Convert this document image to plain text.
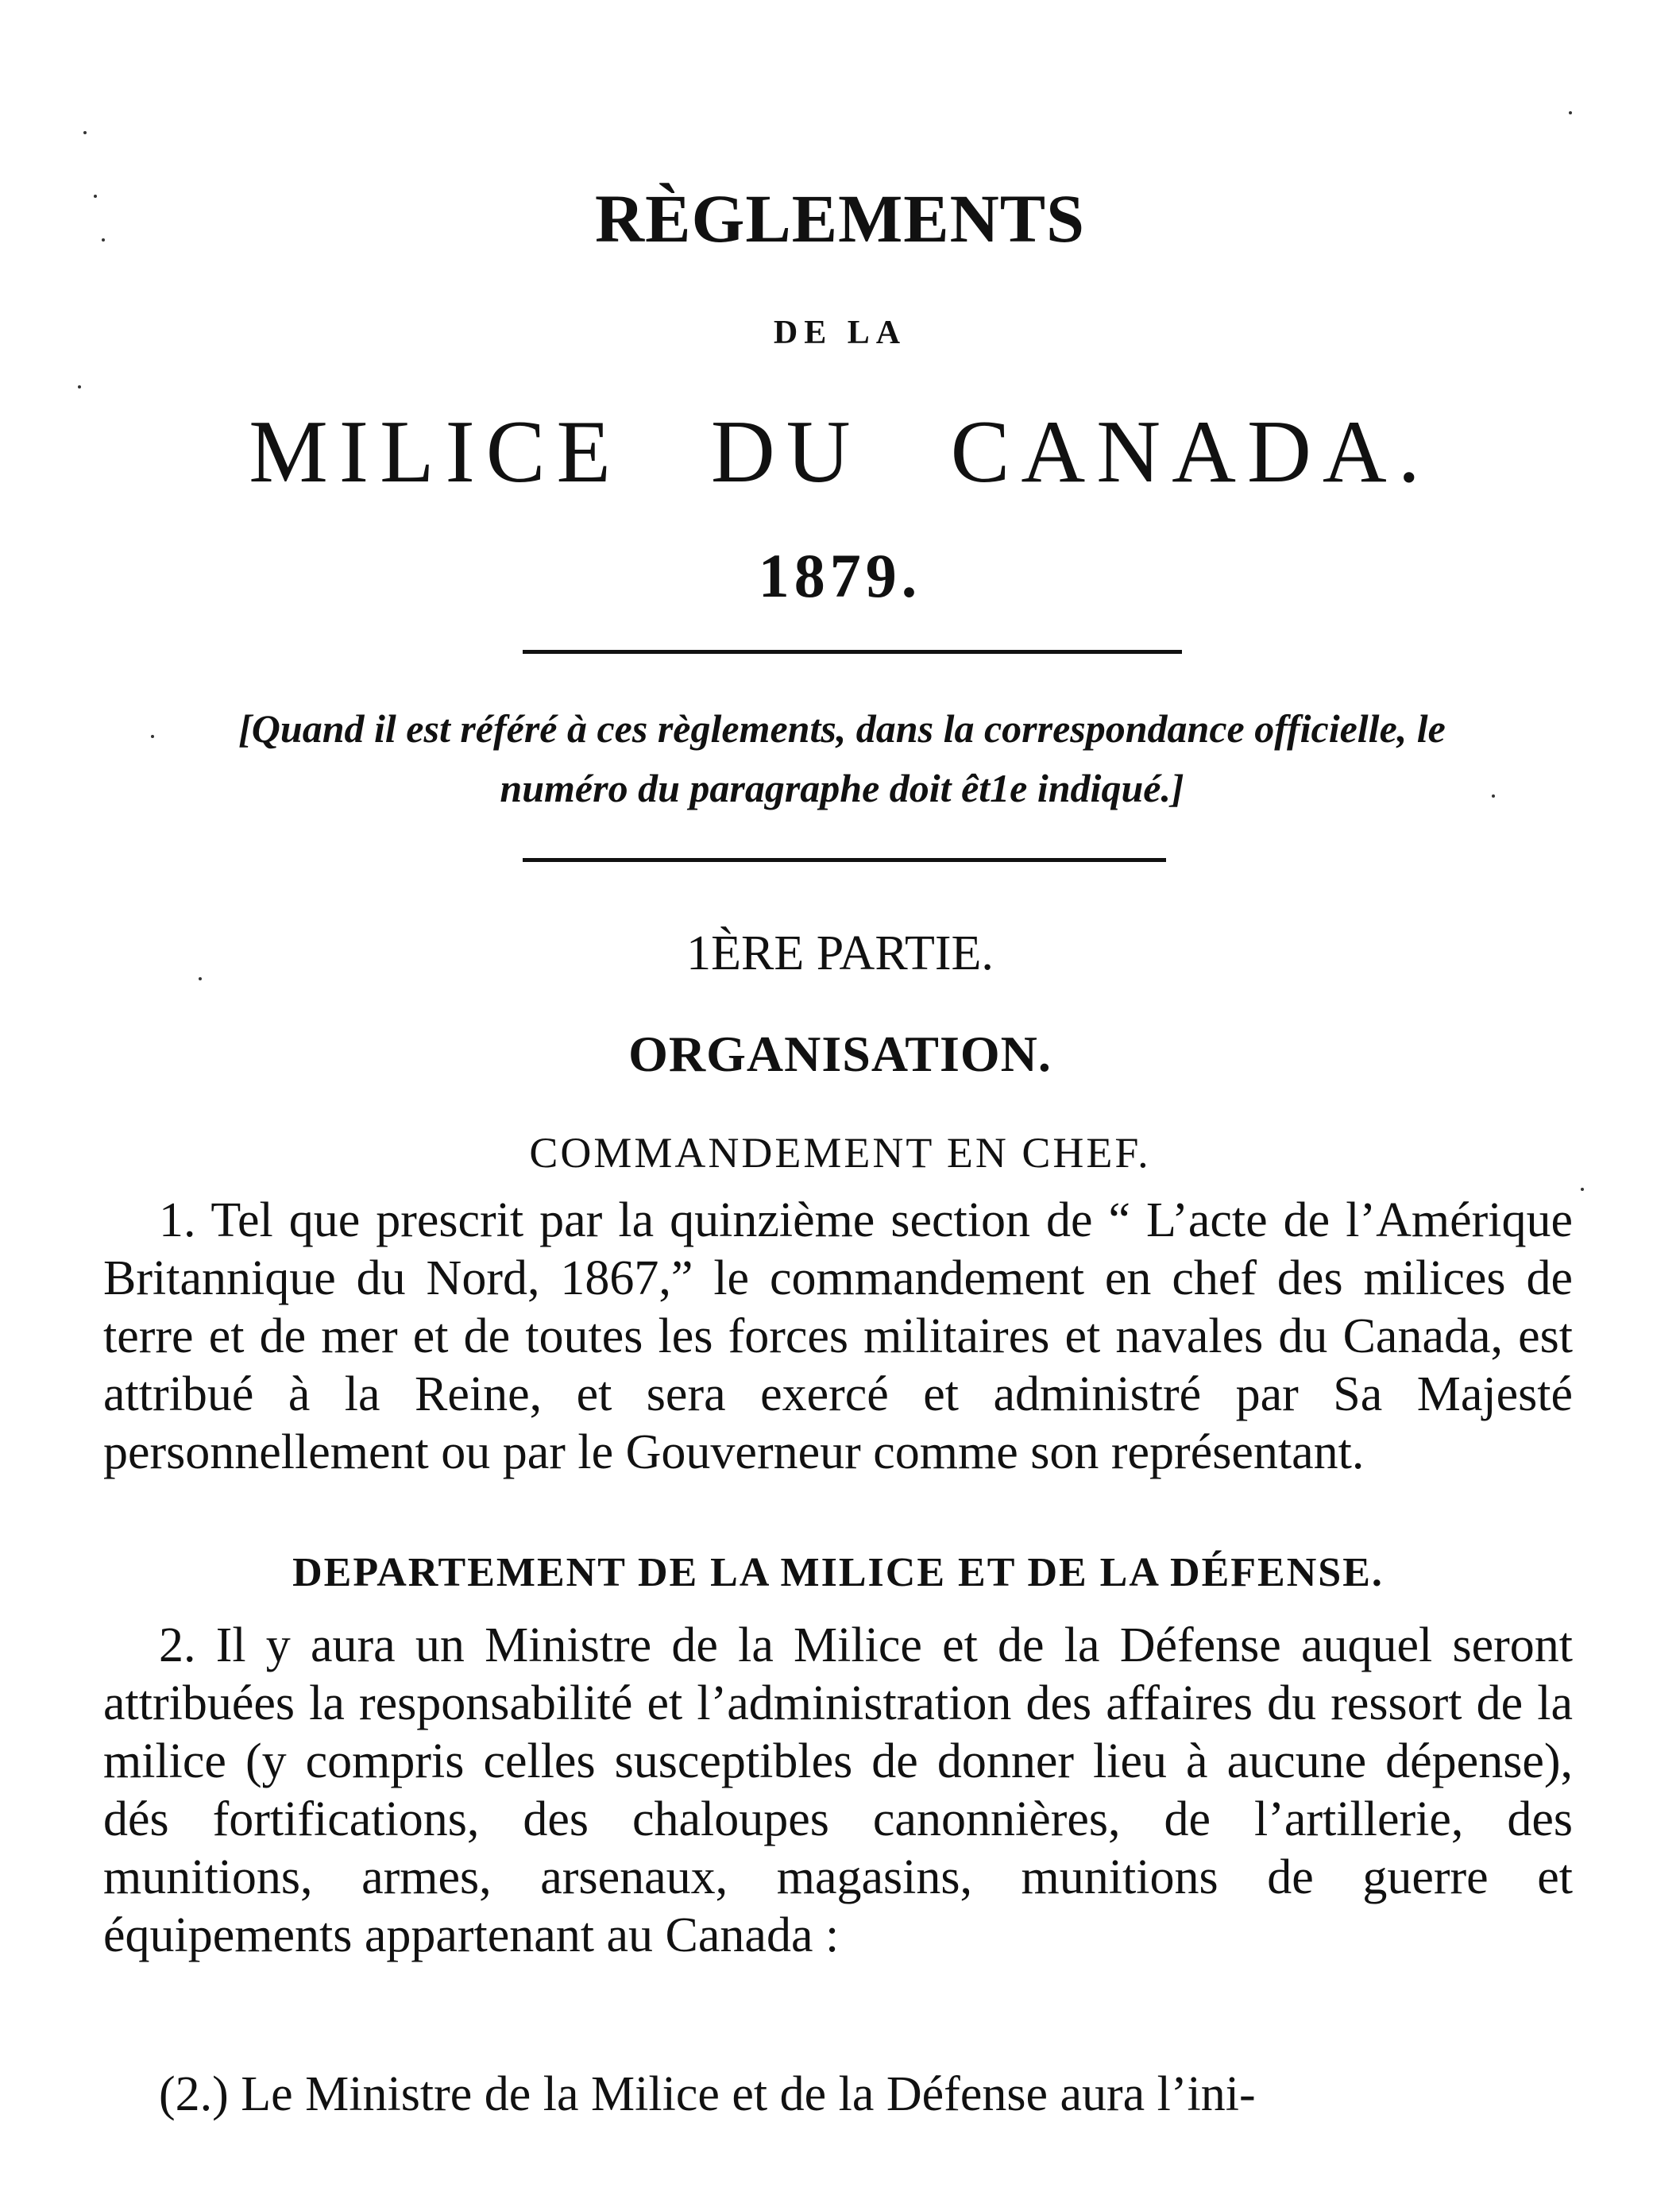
RÈGLEMENTS
DE LA
MILICE DU CANADA.
1879.
[Quand il est référé à ces règlements, dans la correspondance officielle, le numéro du paragraphe doit êt1e indiqué.]
1ÈRE PARTIE.
ORGANISATION.
COMMANDEMENT EN CHEF.
1. Tel que prescrit par la quinzième section de “ L’acte de l’Amérique Britannique du Nord, 1867,” le commandement en chef des milices de terre et de mer et de toutes les forces militaires et navales du Canada, est attribué à la Reine, et sera exercé et administré par Sa Majesté personnellement ou par le Gouverneur comme son représentant.
DEPARTEMENT DE LA MILICE ET DE LA DÉFENSE.
2. Il y aura un Ministre de la Milice et de la Défense auquel seront attribuées la responsabilité et l’administration des affaires du ressort de la milice (y compris celles susceptibles de donner lieu à aucune dépense), dés fortifications, des chaloupes canonnières, de l’artillerie, des munitions, armes, arsenaux, magasins, munitions de guerre et équipements appartenant au Canada :
(2.) Le Ministre de la Milice et de la Défense aura l’ini-
